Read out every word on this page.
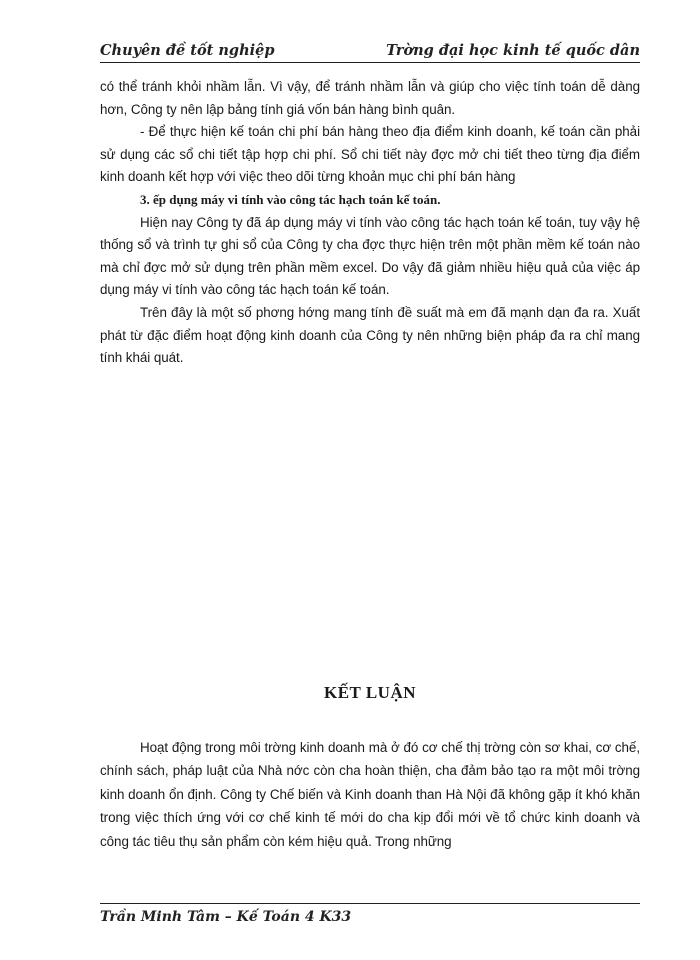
Chuyên đề tốt nghiệp	Trờng đại học kinh tế quốc dân

có thể tránh khỏi nhầm lẫn. Vì vậy, để tránh nhầm lẫn và giúp cho việc tính toán dễ dàng hơn, Công ty nên lập bảng tính giá vốn bán hàng bình quân.

- Để thực hiện kế toán chi phí bán hàng theo địa điểm kinh doanh, kế toán cần phải sử dụng các sổ chi tiết tập hợp chi phí. Sổ chi tiết này đợc mở chi tiết theo từng địa điểm kinh doanh kết hợp với việc theo dõi từng khoản mục chi phí bán hàng

3. ếp dụng máy vi tính vào công tác hạch toán kế toán.

Hiện nay Công ty đã áp dụng máy vi tính vào công tác hạch toán kế toán, tuy vậy hệ thống sổ và trình tự ghi sổ của Công ty cha đợc thực hiện trên một phần mềm kế toán nào mà chỉ đợc mở sử dụng trên phần mềm excel. Do vậy đã giảm nhiều hiệu quả của việc áp dụng máy vi tính vào công tác hạch toán kế toán.

Trên đây là một số phơng hớng mang tính đề suất mà em đã mạnh dạn đa ra. Xuất phát từ đặc điểm hoạt động kinh doanh của Công ty nên những biện pháp đa ra chỉ mang tính khái quát.

KẾT LUẬN

Hoạt động trong môi trờng kinh doanh mà ở đó cơ chế thị trờng còn sơ khai, cơ chế, chính sách, pháp luật của Nhà nớc còn cha hoàn thiện, cha đảm bảo tạo ra một môi trờng kinh doanh ổn định. Công ty Chế biến và Kinh doanh than Hà Nội đã không gặp ít khó khăn trong việc thích ứng với cơ chế kinh tế mới do cha kịp đổi mới về tổ chức kinh doanh và công tác tiêu thụ sản phẩm còn kém hiệu quả. Trong những

Trần Minh Tâm – Kế Toán 4 K33
